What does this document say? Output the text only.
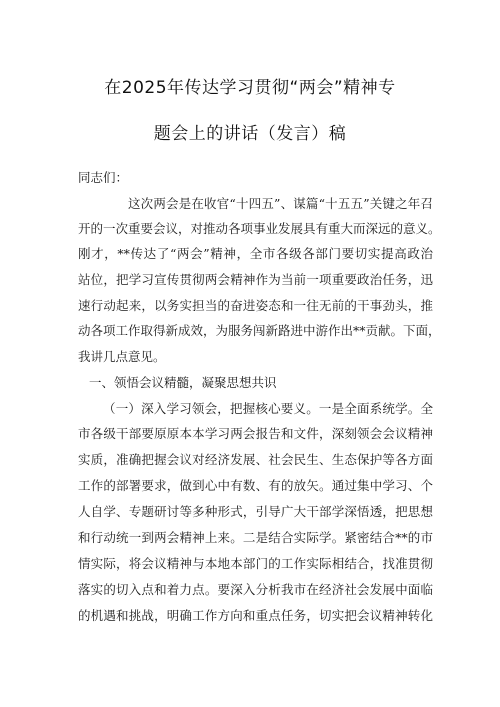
在2025年传达学习贯彻“两会”精神专
题会上的讲话（发言）稿
同志们：
这次两会是在收官“十四五”、谋篇“十五五”关键之年召
开的一次重要会议，对推动各项事业发展具有重大而深远的意义。
刚才，**传达了“两会”精神，全市各级各部门要切实提高政治
站位，把学习宣传贯彻两会精神作为当前一项重要政治任务，迅
速行动起来，以务实担当的奋进姿态和一往无前的干事劲头，推
动各项工作取得新成效，为服务闯新路进中游作出**贡献。下面，
我讲几点意见。
一、领悟会议精髓，凝聚思想共识
（一）深入学习领会，把握核心要义。一是全面系统学。全
市各级干部要原原本本学习两会报告和文件，深刻领会会议精神
实质，准确把握会议对经济发展、社会民生、生态保护等各方面
工作的部署要求，做到心中有数、有的放矢。通过集中学习、个
人自学、专题研讨等多种形式，引导广大干部学深悟透，把思想
和行动统一到两会精神上来。二是结合实际学。紧密结合**的市
情实际，将会议精神与本地本部门的工作实际相结合，找准贯彻
落实的切入点和着力点。要深入分析我市在经济社会发展中面临
的机遇和挑战，明确工作方向和重点任务，切实把会议精神转化
